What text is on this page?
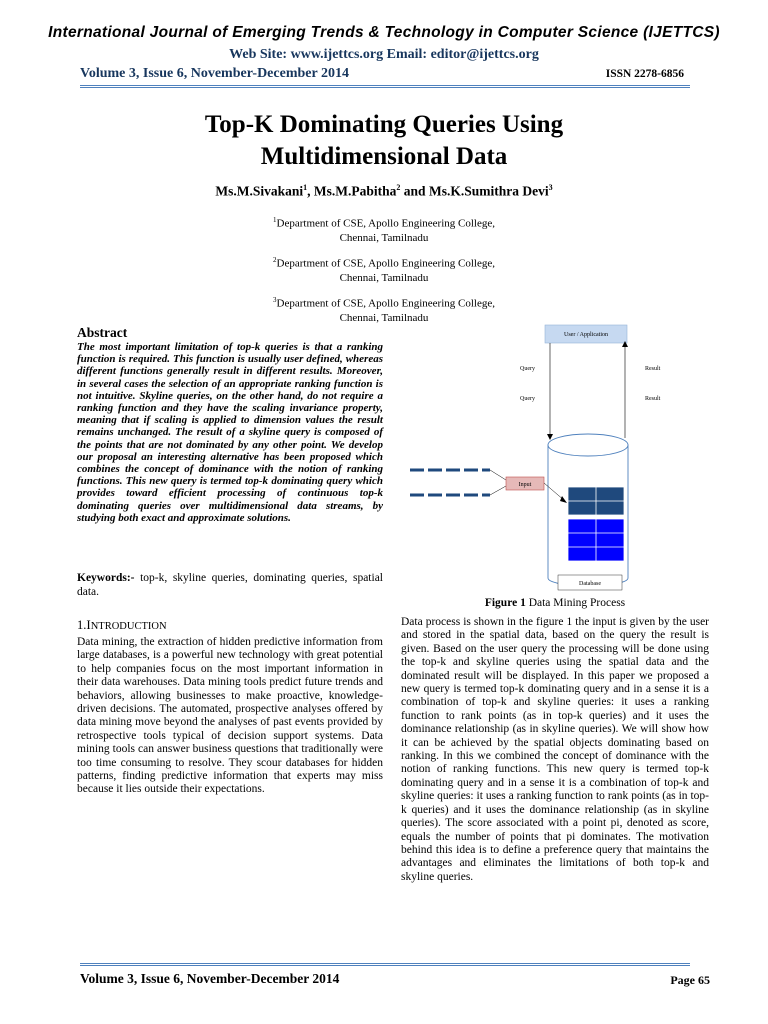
International Journal of Emerging Trends & Technology in Computer Science (IJETTCS)
Web Site: www.ijettcs.org Email: editor@ijettcs.org
Volume 3, Issue 6, November-December 2014	ISSN 2278-6856
Top-K Dominating Queries Using
Multidimensional Data
Ms.M.Sivakani$^1$, Ms.M.Pabitha$^2$ and Ms.K.Sumithra Devi$^3$
$^1$Department of CSE, Apollo Engineering College,
Chennai, Tamilnadu
$^2$Department of CSE, Apollo Engineering College,
Chennai, Tamilnadu
$^3$Department of CSE, Apollo Engineering College,
Chennai, Tamilnadu
Abstract
The most important limitation of top-k queries is that a ranking function is required. This function is usually user defined, whereas different functions generally result in different results. Moreover, in several cases the selection of an appropriate ranking function is not intuitive. Skyline queries, on the other hand, do not require a ranking function and they have the scaling invariance property, meaning that if scaling is applied to dimension values the result remains unchanged. The result of a skyline query is composed of the points that are not dominated by any other point. We develop our proposal an interesting alternative has been proposed which combines the concept of dominance with the notion of ranking functions. This new query is termed top-k dominating query which provides toward efficient processing of continuous top-k dominating queries over multidimensional data streams, by studying both exact and approximate solutions.
Keywords:- top-k, skyline queries, dominating queries, spatial data.
1.INTRODUCTION
Data mining, the extraction of hidden predictive information from large databases, is a powerful new technology with great potential to help companies focus on the most important information in their data warehouses. Data mining tools predict future trends and behaviors, allowing businesses to make proactive, knowledge-driven decisions. The automated, prospective analyses offered by data mining move beyond the analyses of past events provided by retrospective tools typical of decision support systems. Data mining tools can answer business questions that traditionally were too time consuming to resolve. They scour databases for hidden patterns, finding predictive information that experts may miss because it lies outside their expectations.
User / Application
Query
Query
Result
Result
Database
Input
Figure 1 Data Mining Process
Data process is shown in the figure 1 the input is given by the user and stored in the spatial data, based on the query the result is given. Based on the user query the processing will be done using the top-k and skyline queries using the spatial data and the dominated result will be displayed. In this paper we proposed a new query is termed top-k dominating query and in a sense it is a combination of top-k and skyline queries: it uses a ranking function to rank points (as in top-k queries) and it uses the dominance relationship (as in skyline queries). We will show how it can be achieved by the spatial objects dominating based on ranking. In this we combined the concept of dominance with the notion of ranking functions. This new query is termed top-k dominating query and in a sense it is a combination of top-k and skyline queries: it uses a ranking function to rank points (as in top-k queries) and it uses the dominance relationship (as in skyline queries). The score associated with a point pi, denoted as score, equals the number of points that pi dominates. The motivation behind this idea is to define a preference query that maintains the advantages and eliminates the limitations of both top-k and skyline queries.
Volume 3, Issue 6, November-December 2014	Page 65
